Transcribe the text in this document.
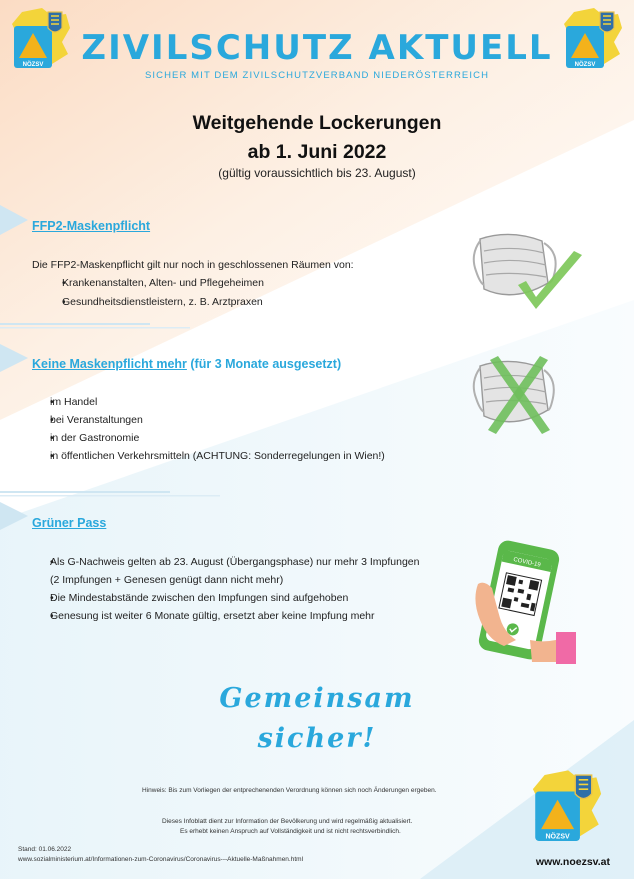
NÖZSV	NÖZSV
ZIVILSCHUTZ AKTUELL
SICHER MIT DEM ZIVILSCHUTZVERBAND NIEDERÖSTERREICH
Weitgehende Lockerungen
ab 1. Juni 2022
(gültig voraussichtlich bis 23. August)
FFP2-Maskenpflicht
Die FFP2-Maskenpflicht gilt nur noch in geschlossenen Räumen von:
• Krankenanstalten, Alten- und Pflegeheimen
• Gesundheitsdienstleistern, z. B. Arztpraxen
Keine Maskenpflicht mehr (für 3 Monate ausgesetzt)
• im Handel
• bei Veranstaltungen
• in der Gastronomie
• in öffentlichen Verkehrsmitteln (ACHTUNG: Sonderregelungen in Wien!)
Grüner Pass
• Als G-Nachweis gelten ab 23. August (Übergangsphase) nur mehr 3 Impfungen
(2 Impfungen + Genesen genügt dann nicht mehr)
• Die Mindestabstände zwischen den Impfungen sind aufgehoben
• Genesung ist weiter 6 Monate gültig, ersetzt aber keine Impfung mehr
COVID-19
Gemeinsam
sicher!
Hinweis: Bis zum Vorliegen der entprechenenden Verordnung können sich noch Änderungen ergeben.
Dieses Infoblatt dient zur Information der Bevölkerung und wird regelmäßig aktualisiert.
Es erhebt keinen Anspruch auf Vollständigkeit und ist nicht rechtsverbindlich.
Stand: 01.06.2022
www.sozialministerium.at/Informationen-zum-Coronavirus/Coronavirus---Aktuelle-Maßnahmen.html
NÖZSV
www.noezsv.at
